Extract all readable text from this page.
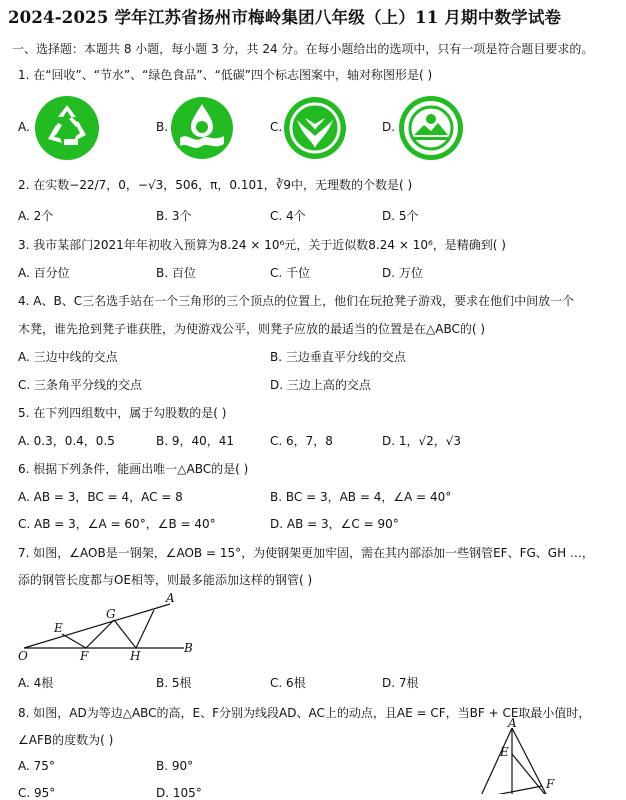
2024-2025 学年江苏省扬州市梅岭集团八年级（上）11 月期中数学试卷
一、选择题：本题共 8 小题，每小题 3 分，共 24 分。在每小题给出的选项中，只有一项是符合题目要求的。
1. 在“回收”、“节水”、“绿色食品”、“低碳”四个标志图案中，轴对称图形是( )
A.	B.	C.	D.
2. 在实数−22/7，0，−√3，506，π，0.101，∛9中，无理数的个数是( )
A. 2个	B. 3个	C. 4个	D. 5个
3. 我市某部门2021年年初收入预算为8.24 × 10⁶元，关于近似数8.24 × 10⁶，是精确到( )
A. 百分位	B. 百位	C. 千位	D. 万位
4. A、B、C三名选手站在一个三角形的三个顶点的位置上，他们在玩抢凳子游戏，要求在他们中间放一个
木凳，谁先抢到凳子谁获胜，为使游戏公平，则凳子应放的最适当的位置是在△ABC的( )
A. 三边中线的交点	B. 三边垂直平分线的交点
C. 三条角平分线的交点	D. 三边上高的交点
5. 在下列四组数中，属于勾股数的是( )
A. 0.3，0.4，0.5	B. 9，40，41	C. 6，7，8	D. 1，√2，√3
6. 根据下列条件，能画出唯一△ABC的是( )
A. AB = 3，BC = 4，AC = 8	B. BC = 3，AB = 4，∠A = 40°
C. AB = 3，∠A = 60°，∠B = 40°	D. AB = 3，∠C = 90°
7. 如图，∠AOB是一钢架，∠AOB = 15°，为使钢架更加牢固，需在其内部添加一些钢管EF、FG、GH …，
添的钢管长度都与OE相等，则最多能添加这样的钢管( )
A
E
G
O	F	H
B
A. 4根	B. 5根	C. 6根	D. 7根
8. 如图，AD为等边△ABC的高，E、F分别为线段AD、AC上的动点，且AE = CF，当BF + CE取最小值时，
∠AFB的度数为( )
A
E
F
A. 75°	B. 90°
C. 95°	D. 105°
